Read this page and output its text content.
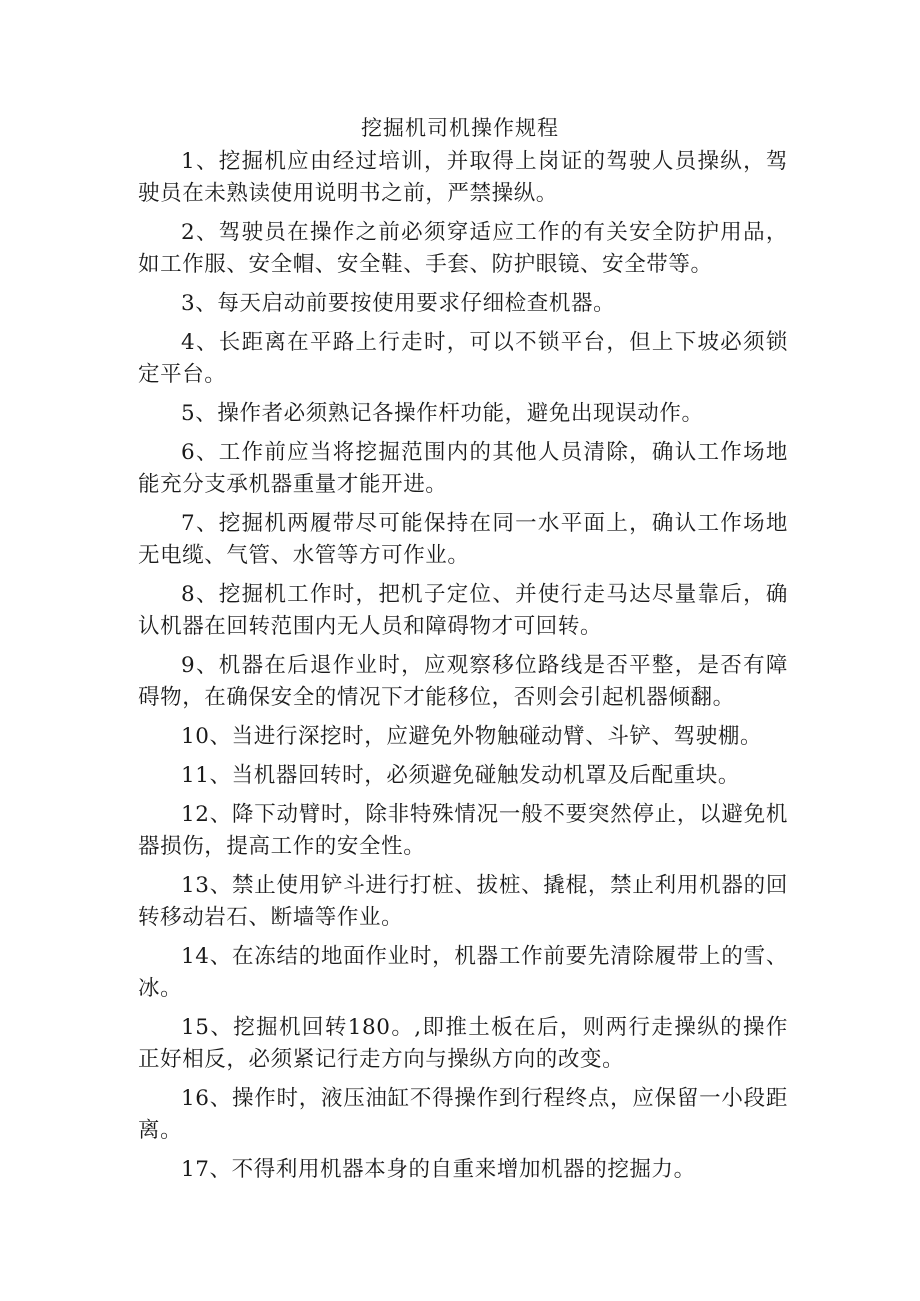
挖掘机司机操作规程
1、挖掘机应由经过培训，并取得上岗证的驾驶人员操纵，驾驶员在未熟读使用说明书之前，严禁操纵。
2、驾驶员在操作之前必须穿适应工作的有关安全防护用品，如工作服、安全帽、安全鞋、手套、防护眼镜、安全带等。
3、每天启动前要按使用要求仔细检查机器。
4、长距离在平路上行走时，可以不锁平台，但上下坡必须锁定平台。
5、操作者必须熟记各操作杆功能，避免出现误动作。
6、工作前应当将挖掘范围内的其他人员清除，确认工作场地能充分支承机器重量才能开进。
7、挖掘机两履带尽可能保持在同一水平面上，确认工作场地无电缆、气管、水管等方可作业。
8、挖掘机工作时，把机子定位、并使行走马达尽量靠后，确认机器在回转范围内无人员和障碍物才可回转。
9、机器在后退作业时，应观察移位路线是否平整，是否有障碍物，在确保安全的情况下才能移位，否则会引起机器倾翻。
10、当进行深挖时，应避免外物触碰动臂、斗铲、驾驶棚。
11、当机器回转时，必须避免碰触发动机罩及后配重块。
12、降下动臂时，除非特殊情况一般不要突然停止，以避免机器损伤，提高工作的安全性。
13、禁止使用铲斗进行打桩、拔桩、撬棍，禁止利用机器的回转移动岩石、断墙等作业。
14、在冻结的地面作业时，机器工作前要先清除履带上的雪、冰。
15、挖掘机回转180。,即推土板在后，则两行走操纵的操作正好相反，必须紧记行走方向与操纵方向的改变。
16、操作时，液压油缸不得操作到行程终点，应保留一小段距离。
17、不得利用机器本身的自重来增加机器的挖掘力。
